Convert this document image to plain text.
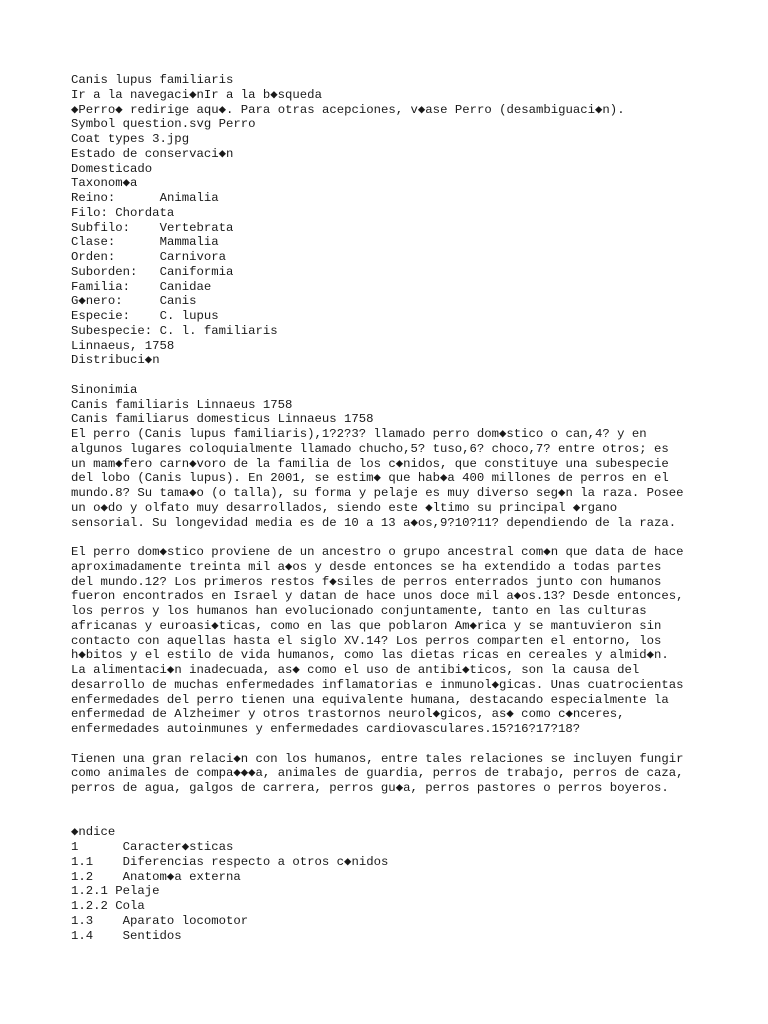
Canis lupus familiaris
Ir a la navegaci◆nIr a la b◆squeda
◆Perro◆ redirige aqu◆. Para otras acepciones, v◆ase Perro (desambiguaci◆n).
Symbol question.svg Perro
Coat types 3.jpg
Estado de conservaci◆n
Domesticado
Taxonom◆a
Reino:      Animalia
Filo: Chordata
Subfilo:    Vertebrata
Clase:      Mammalia
Orden:      Carnivora
Suborden:   Caniformia
Familia:    Canidae
G◆nero:     Canis
Especie:    C. lupus
Subespecie: C. l. familiaris
Linnaeus, 1758
Distribuci◆n
Sinonimia
Canis familiaris Linnaeus 1758
Canis familiarus domesticus Linnaeus 1758
El perro (Canis lupus familiaris),1?2?3? llamado perro dom◆stico o can,4? y en
algunos lugares coloquialmente llamado chucho,5? tuso,6? choco,7? entre otros; es
un mam◆fero carn◆voro de la familia de los c◆nidos, que constituye una subespecie
del lobo (Canis lupus). En 2001, se estim◆ que hab◆a 400 millones de perros en el
mundo.8? Su tama◆o (o talla), su forma y pelaje es muy diverso seg◆n la raza. Posee
un o◆do y olfato muy desarrollados, siendo este ◆ltimo su principal ◆rgano
sensorial. Su longevidad media es de 10 a 13 a◆os,9?10?11? dependiendo de la raza.
El perro dom◆stico proviene de un ancestro o grupo ancestral com◆n que data de hace
aproximadamente treinta mil a◆os y desde entonces se ha extendido a todas partes
del mundo.12? Los primeros restos f◆siles de perros enterrados junto con humanos
fueron encontrados en Israel y datan de hace unos doce mil a◆os.13? Desde entonces,
los perros y los humanos han evolucionado conjuntamente, tanto en las culturas
africanas y euroasi◆ticas, como en las que poblaron Am◆rica y se mantuvieron sin
contacto con aquellas hasta el siglo XV.14? Los perros comparten el entorno, los
h◆bitos y el estilo de vida humanos, como las dietas ricas en cereales y almid◆n.
La alimentaci◆n inadecuada, as◆ como el uso de antibi◆ticos, son la causa del
desarrollo de muchas enfermedades inflamatorias e inmunol◆gicas. Unas cuatrocientas
enfermedades del perro tienen una equivalente humana, destacando especialmente la
enfermedad de Alzheimer y otros trastornos neurol◆gicos, as◆ como c◆nceres,
enfermedades autoinmunes y enfermedades cardiovasculares.15?16?17?18?
Tienen una gran relaci◆n con los humanos, entre tales relaciones se incluyen fungir
como animales de compa◆◆◆a, animales de guardia, perros de trabajo, perros de caza,
perros de agua, galgos de carrera, perros gu◆a, perros pastores o perros boyeros.
◆ndice
1      Caracter◆sticas
1.1    Diferencias respecto a otros c◆nidos
1.2    Anatom◆a externa
1.2.1 Pelaje
1.2.2 Cola
1.3    Aparato locomotor
1.4    Sentidos
